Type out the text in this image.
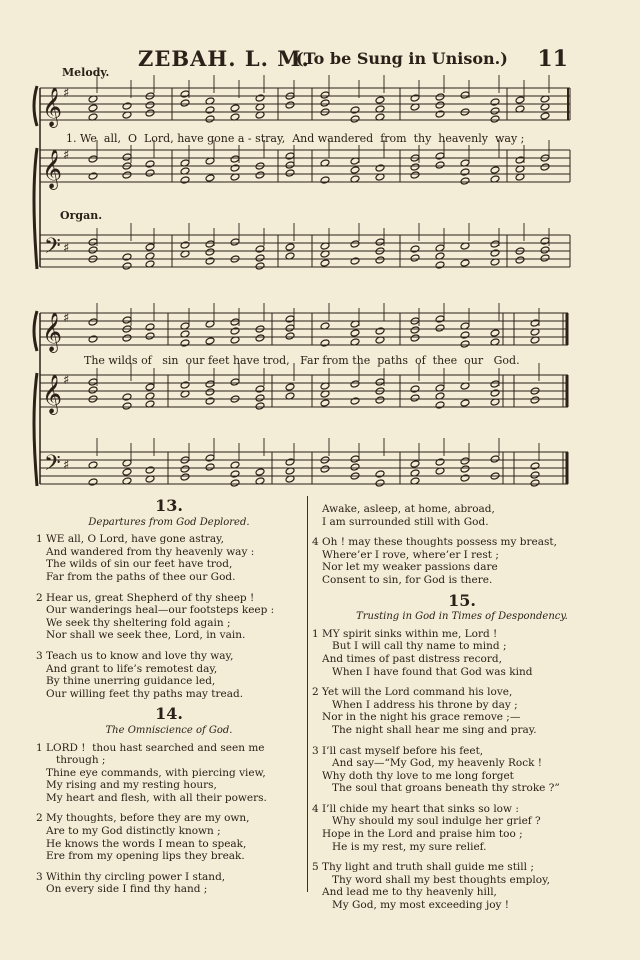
ZEBAH. L. M.
(To be Sung in Unison.) 11
Melody.
Organ.
𝄞
𝄞
𝄢
♯
♯
♯
𝄞
𝄞
𝄢
♯
♯
♯
1. We  all,  O  Lord, have gone a - stray,  And wandered  from  thy  heavenly  way ;
The wilds of   sin  our feet have trod,   Far from the  paths  of  thee  our   God.
13.
Departures from God Deplored.
1 WE all, O Lord, have gone astray,
And wandered from thy heavenly way :
The wilds of sin our feet have trod,
Far from the paths of thee our God.
2 Hear us, great Shepherd of thy sheep !
Our wanderings heal—our footsteps keep :
We seek thy sheltering fold again ;
Nor shall we seek thee, Lord, in vain.
3 Teach us to know and love thy way,
And grant to life’s remotest day,
By thine unerring guidance led,
Our willing feet thy paths may tread.
14.
The Omniscience of God.
1 LORD !  thou hast searched and seen me
through ;
Thine eye commands, with piercing view,
My rising and my resting hours,
My heart and flesh, with all their powers.
2 My thoughts, before they are my own,
Are to my God distinctly known ;
He knows the words I mean to speak,
Ere from my opening lips they break.
3 Within thy circling power I stand,
On every side I find thy hand ;
Awake, asleep, at home, abroad,
I am surrounded still with God.
4 Oh ! may these thoughts possess my breast,
Where’er I rove, where’er I rest ;
Nor let my weaker passions dare
Consent to sin, for God is there.
15.
Trusting in God in Times of Despondency.
1 MY spirit sinks within me, Lord !
But I will call thy name to mind ;
And times of past distress record,
When I have found that God was kind
2 Yet will the Lord command his love,
When I address his throne by day ;
Nor in the night his grace remove ;—
The night shall hear me sing and pray.
3 I’ll cast myself before his feet,
And say—“My God, my heavenly Rock !
Why doth thy love to me long forget
The soul that groans beneath thy stroke ?”
4 I’ll chide my heart that sinks so low :
Why should my soul indulge her grief ?
Hope in the Lord and praise him too ;
He is my rest, my sure relief.
5 Thy light and truth shall guide me still ;
Thy word shall my best thoughts employ,
And lead me to thy heavenly hill,
My God, my most exceeding joy !
